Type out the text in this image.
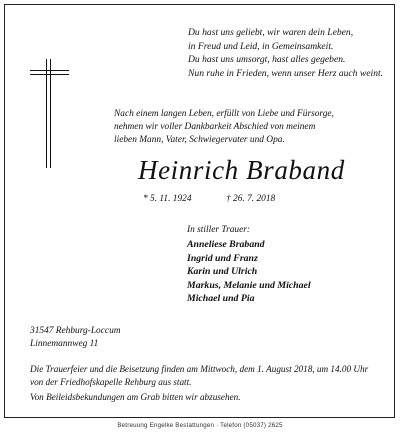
Du hast uns geliebt, wir waren dein Leben,
in Freud und Leid, in Gemeinsamkeit.
Du hast uns umsorgt, hast alles gegeben.
Nun ruhe in Frieden, wenn unser Herz auch weint.
Nach einem langen Leben, erfüllt von Liebe und Fürsorge,
nehmen wir voller Dankbarkeit Abschied von meinem
lieben Mann, Vater, Schwiegervater und Opa.
Heinrich Braband
* 5. 11. 1924	† 26. 7. 2018
In stiller Trauer:
Anneliese Braband
Ingrid und Franz
Karin und Ulrich
Markus, Melanie und Michael
Michael und Pia
31547 Rehburg-Loccum
Linnemannweg 11
Die Trauerfeier und die Beisetzung finden am Mittwoch, dem 1. August 2018, um 14.00 Uhr von der Friedhofskapelle Rehburg aus statt.
Von Beileidsbekundungen am Grab bitten wir abzusehen.
Betreuung Engelke Bestattungen · Telefon (05037) 2625
